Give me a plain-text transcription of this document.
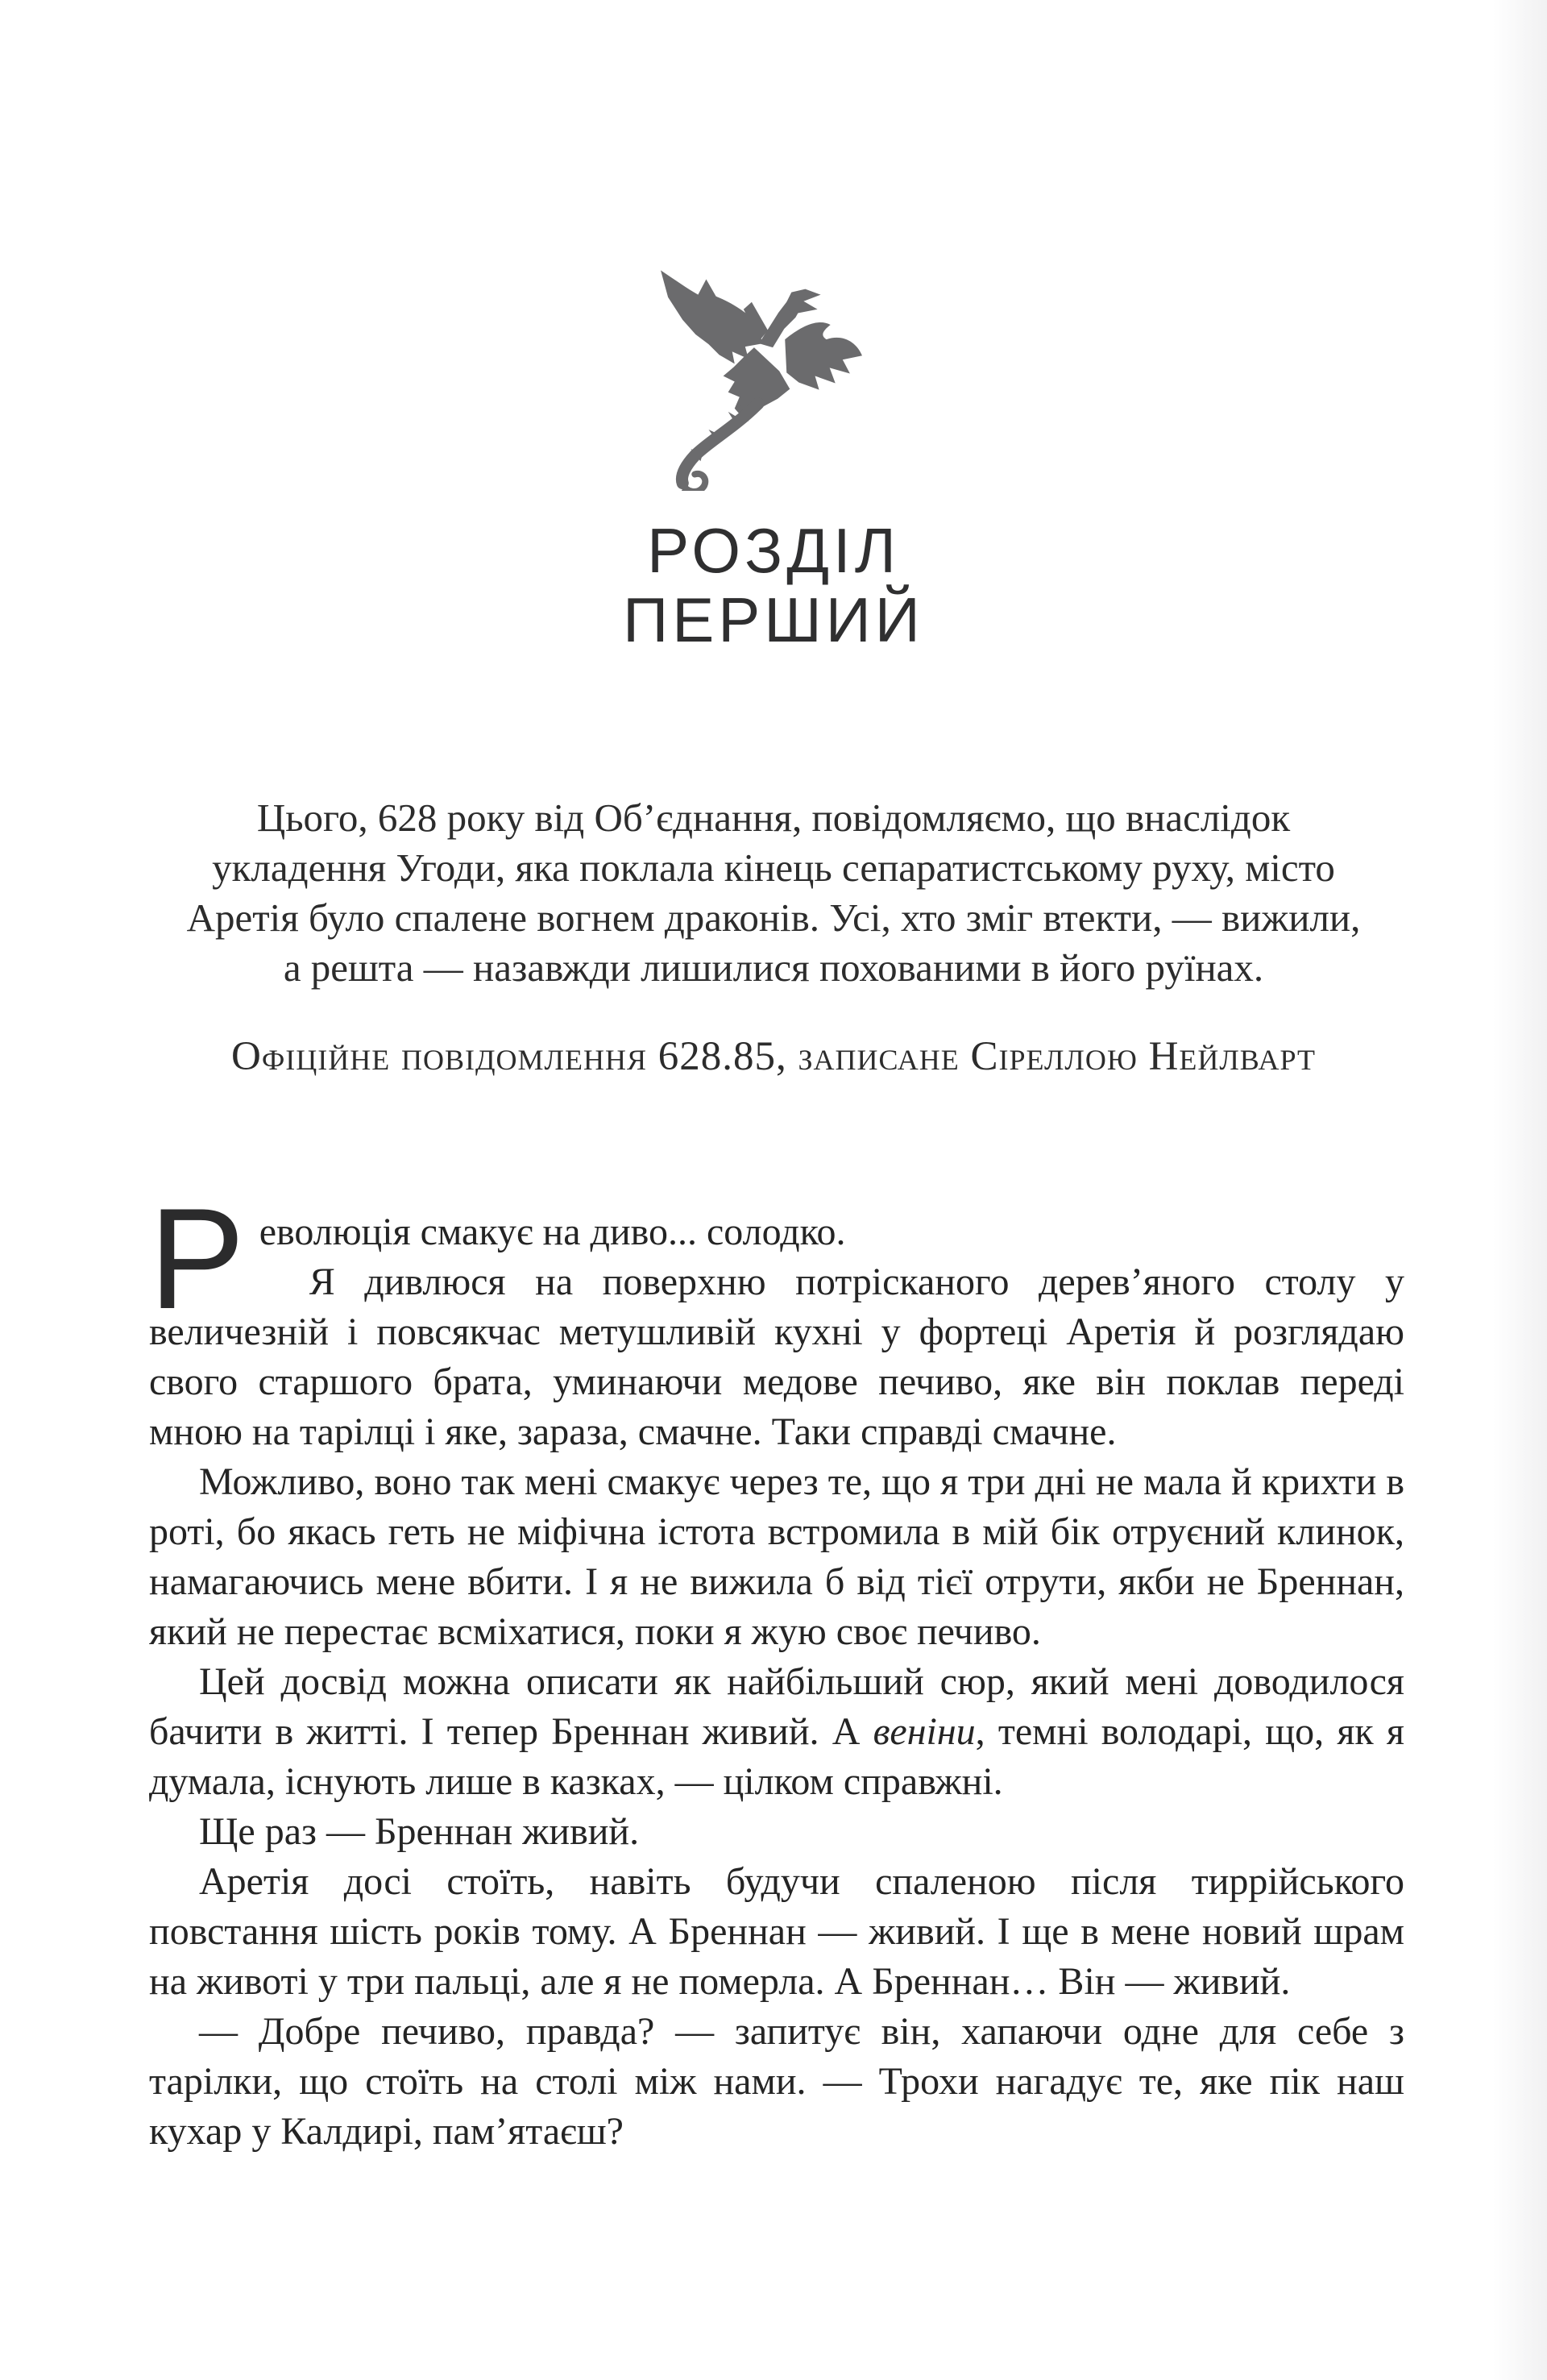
РОЗДІЛ
ПЕРШИЙ
Цього, 628 року від Об’єднання, повідомляємо, що внаслідок укладення Угоди, яка поклала кінець сепаратистському руху, місто Аретія було спалене вогнем драконів. Усі, хто зміг втекти, — вижили, а решта — назавжди лишилися похованими в його руїнах.
Офіційне повідомлення 628.85, записане Сіреллою Нейлварт

Революція смакує на диво... солодко.

Я дивлюся на поверхню потрісканого дерев’яного столу у величезній і повсякчас метушливій кухні у фортеці Аретія й розглядаю свого старшого брата, уминаючи медове печиво, яке він поклав переді мною на тарілці і яке, зараза, смачне. Таки справді смачне.

Можливо, воно так мені смакує через те, що я три дні не мала й крихти в роті, бо якась геть не міфічна істота встромила в мій бік отруєний клинок, намагаючись мене вбити. І я не вижила б від тієї отрути, якби не Бреннан, який не перестає всміхатися, поки я жую своє печиво.

Цей досвід можна описати як найбільший сюр, який мені доводилося бачити в житті. І тепер Бреннан живий. А веніни, темні володарі, що, як я думала, існують лише в казках, — цілком справжні.

Ще раз — Бреннан живий.

Аретія досі стоїть, навіть будучи спаленою після тиррійського повстання шість років тому. А Бреннан — живий. І ще в мене новий шрам на животі у три пальці, але я не померла. А Бреннан… Він — живий.

— Добре печиво, правда? — запитує він, хапаючи одне для себе з тарілки, що стоїть на столі між нами. — Трохи нагадує те, яке пік наш кухар у Калдирі, пам’ятаєш?
